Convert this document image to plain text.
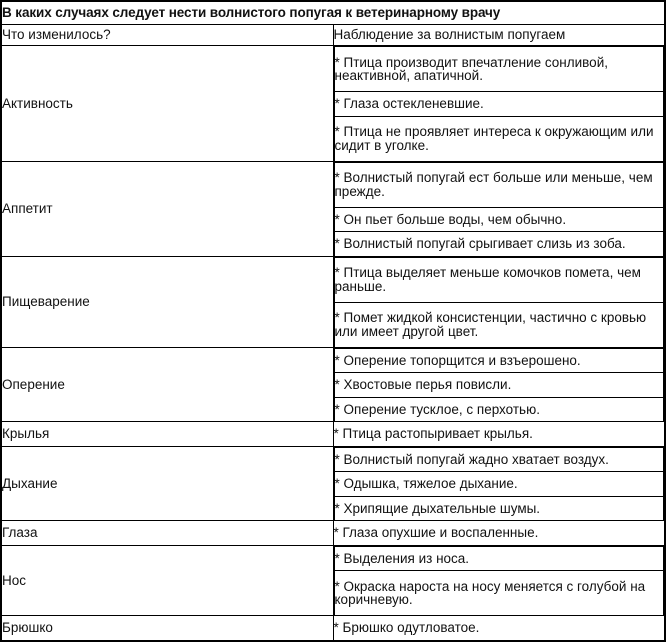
В каких случаях следует нести волнистого попугая к ветеринарному врачу
Что изменилось?	Наблюдение за волнистым попугаем
Активность	
* Птица производит впечатление сонливой, неактивной, апатичной.
* Глаза остекленевшие.
* Птица не проявляет интереса к окружающим или сидит в уголке.

Аппетит	
* Волнистый попугай ест больше или меньше, чем прежде.
* Он пьет больше воды, чем обычно.
* Волнистый попугай срыгивает слизь из зоба.

Пищеварение	
* Птица выделяет меньше комочков помета, чем раньше.
* Помет жидкой консистенции, частично с кровью или имеет другой цвет.

Оперение	
* Оперение топорщится и взъерошено.
* Хвостовые перья повисли.
* Оперение тусклое, с перхотью.

Крылья	* Птица растопыривает крылья.
Дыхание	
* Волнистый попугай жадно хватает воздух.
* Одышка, тяжелое дыхание.
* Хрипящие дыхательные шумы.

Глаза	* Глаза опухшие и воспаленные.
Нос	
* Выделения из носа.
* Окраска нароста на носу меняется с голубой на коричневую.

Брюшко	* Брюшко одутловатое.
